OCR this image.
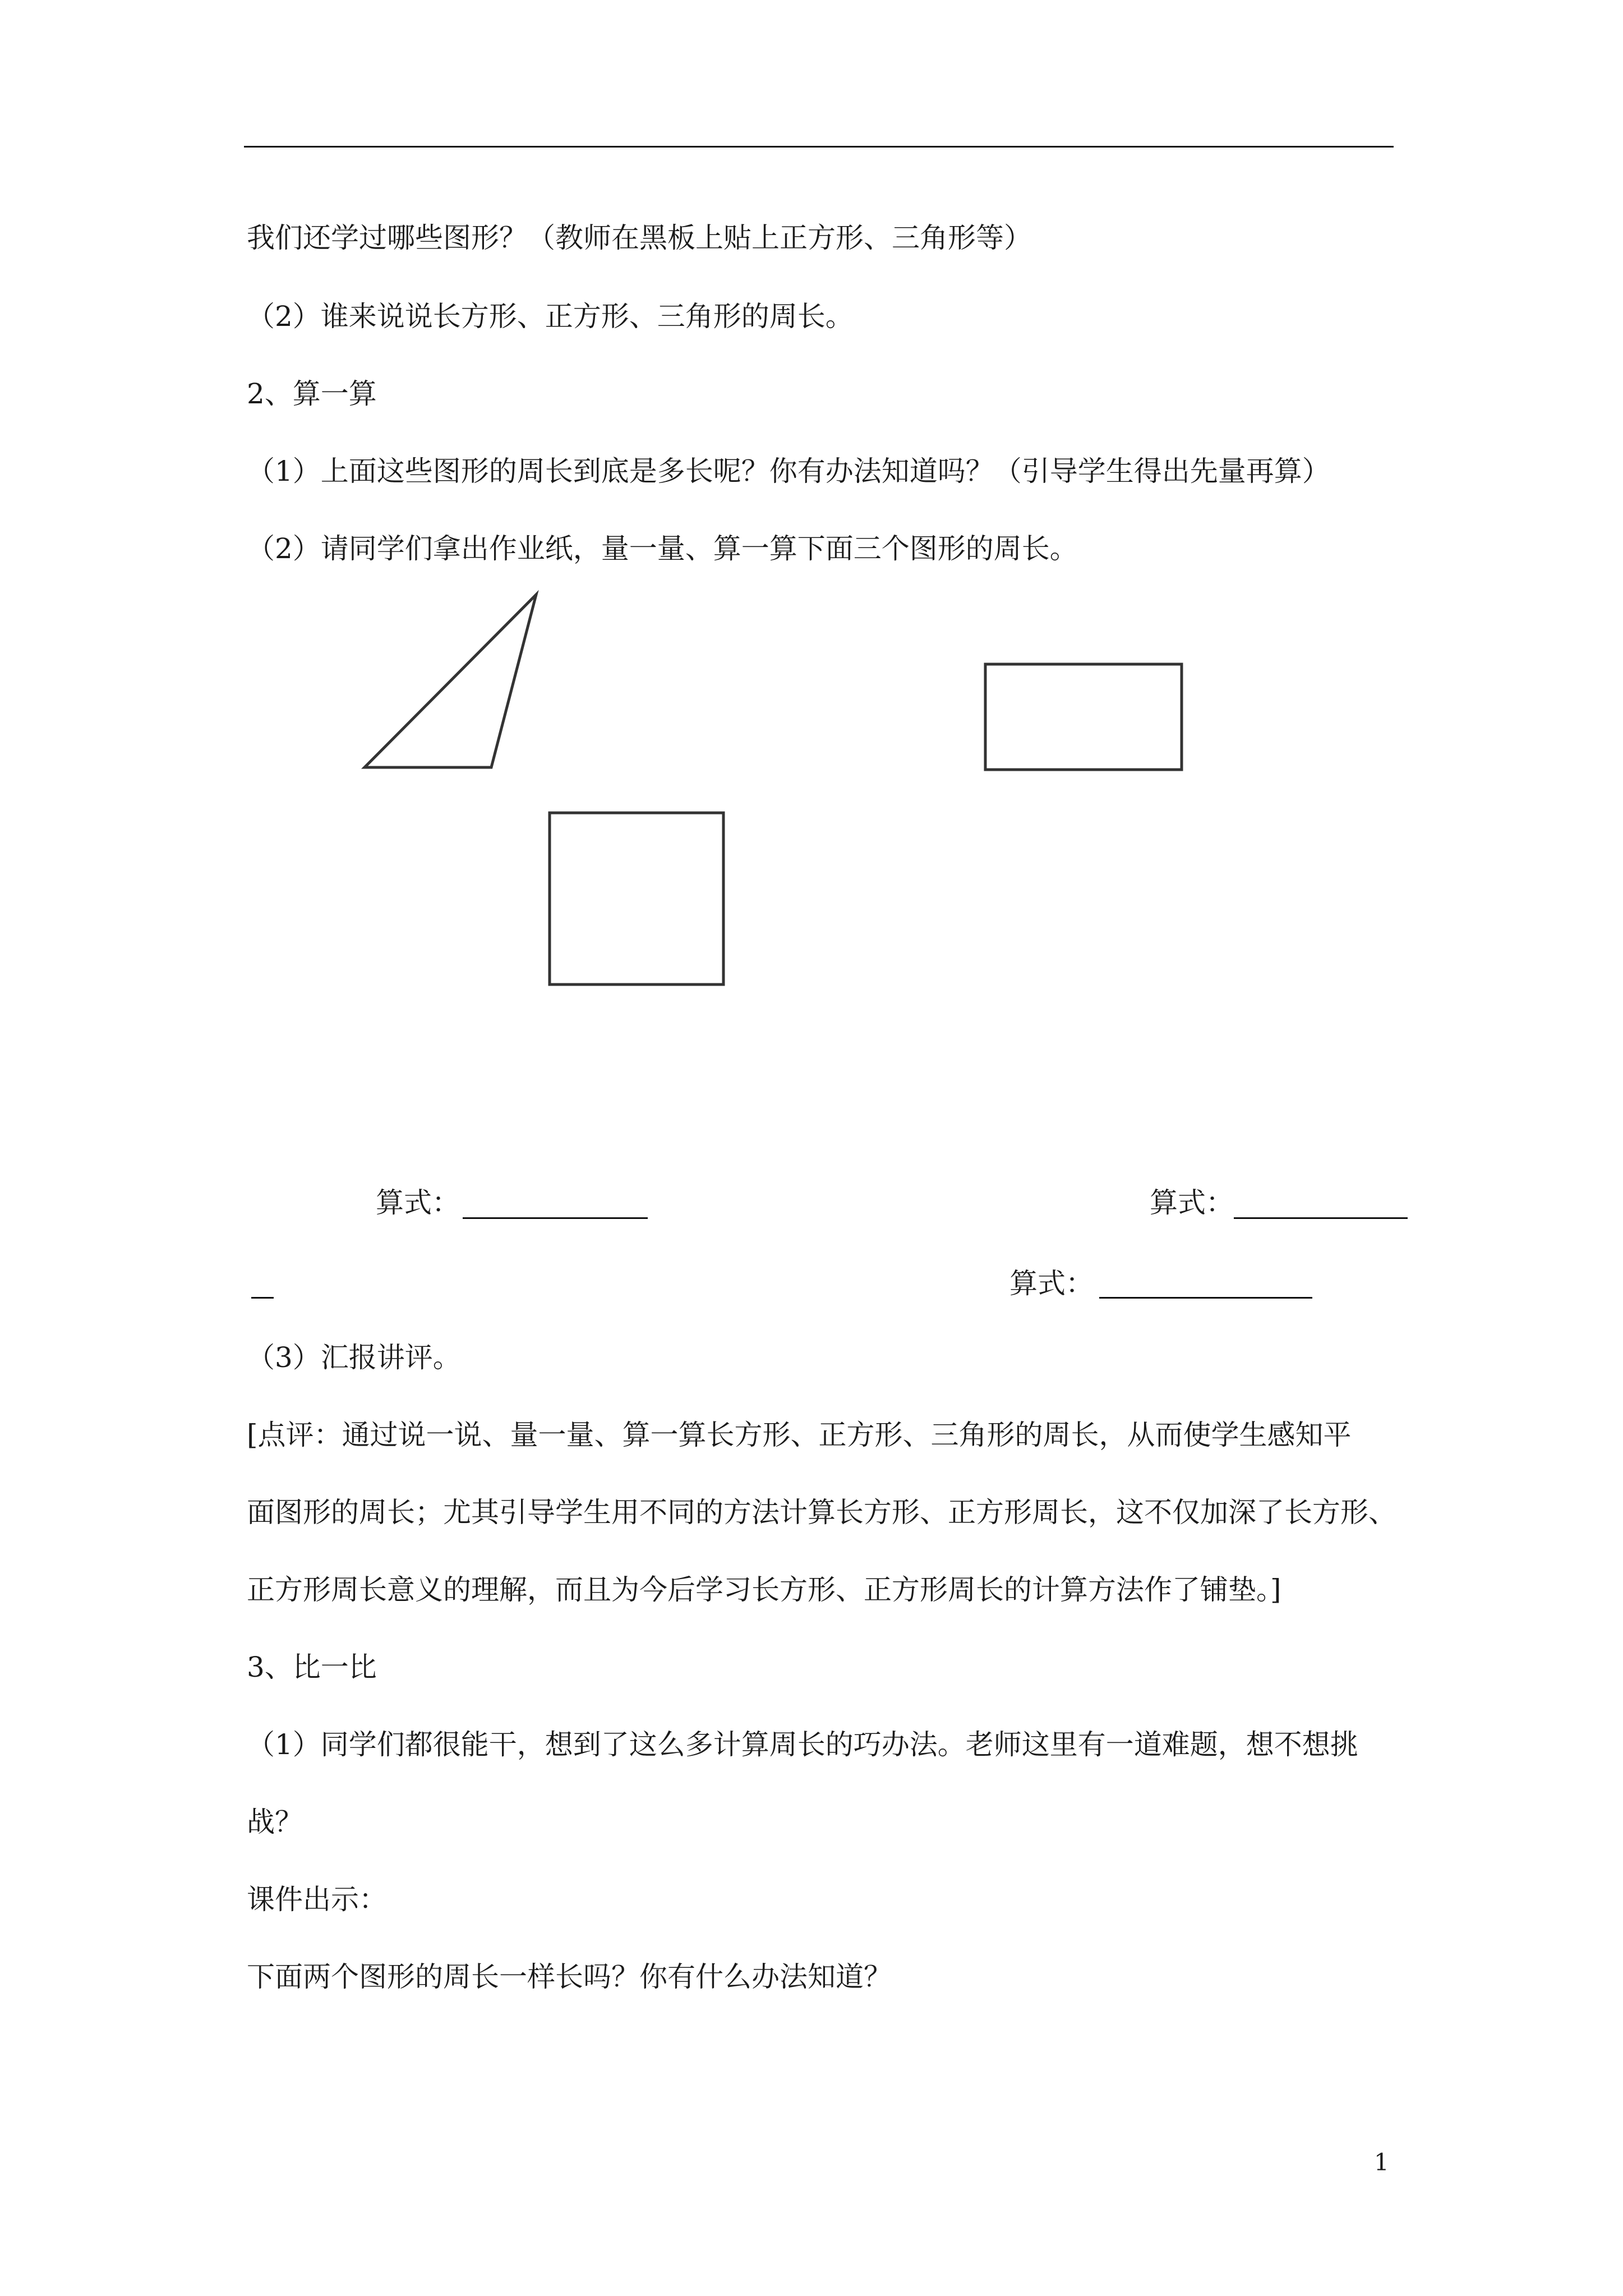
我们还学过哪些图形？（教师在黑板上贴上正方形、三角形等）
（2）谁来说说长方形、正方形、三角形的周长。
2、算一算
（1）上面这些图形的周长到底是多长呢？你有办法知道吗？（引导学生得出先量再算）
（2）请同学们拿出作业纸，量一量、算一算下面三个图形的周长。
算式：	算式：
算式：
（3）汇报讲评。
[点评：通过说一说、量一量、算一算长方形、正方形、三角形的周长，从而使学生感知平
面图形的周长；尤其引导学生用不同的方法计算长方形、正方形周长，这不仅加深了长方形、
正方形周长意义的理解，而且为今后学习长方形、正方形周长的计算方法作了铺垫。]
3、比一比
（1）同学们都很能干，想到了这么多计算周长的巧办法。老师这里有一道难题，想不想挑
战？
课件出示：
下面两个图形的周长一样长吗？你有什么办法知道？
1
